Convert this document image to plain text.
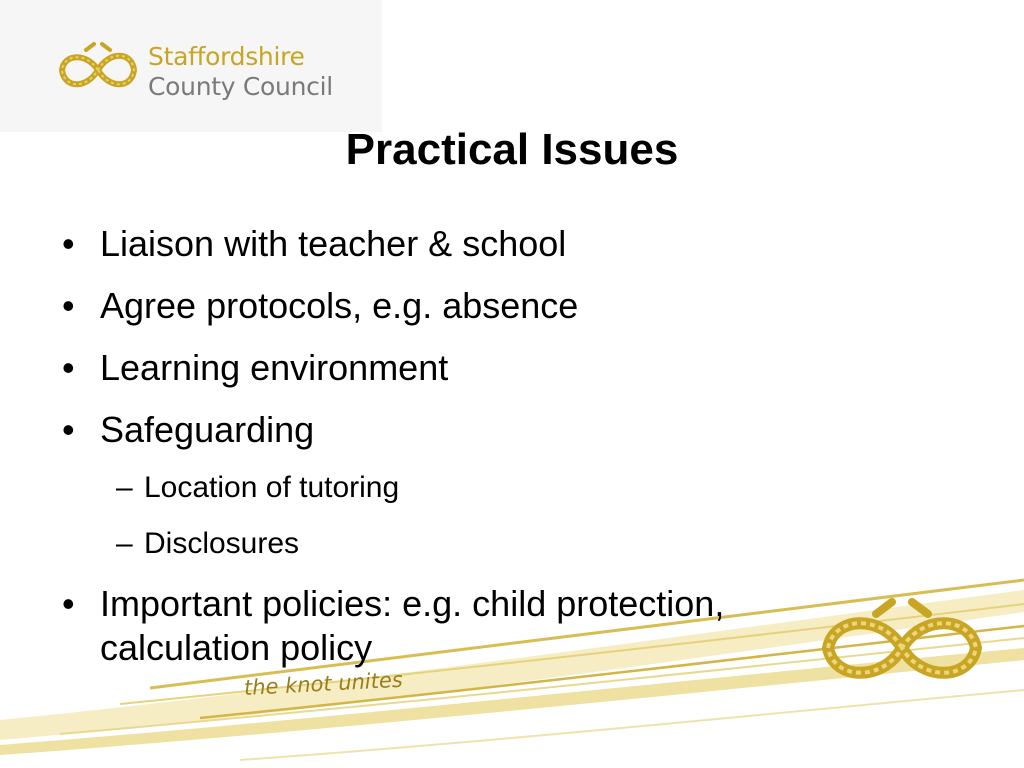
Staffordshire
County Council
Practical Issues
• Liaison with teacher & school
• Agree protocols, e.g. absence
• Learning environment
• Safeguarding
– Location of tutoring
– Disclosures
• Important policies: e.g. child protection,
calculation policy
the knot unites
